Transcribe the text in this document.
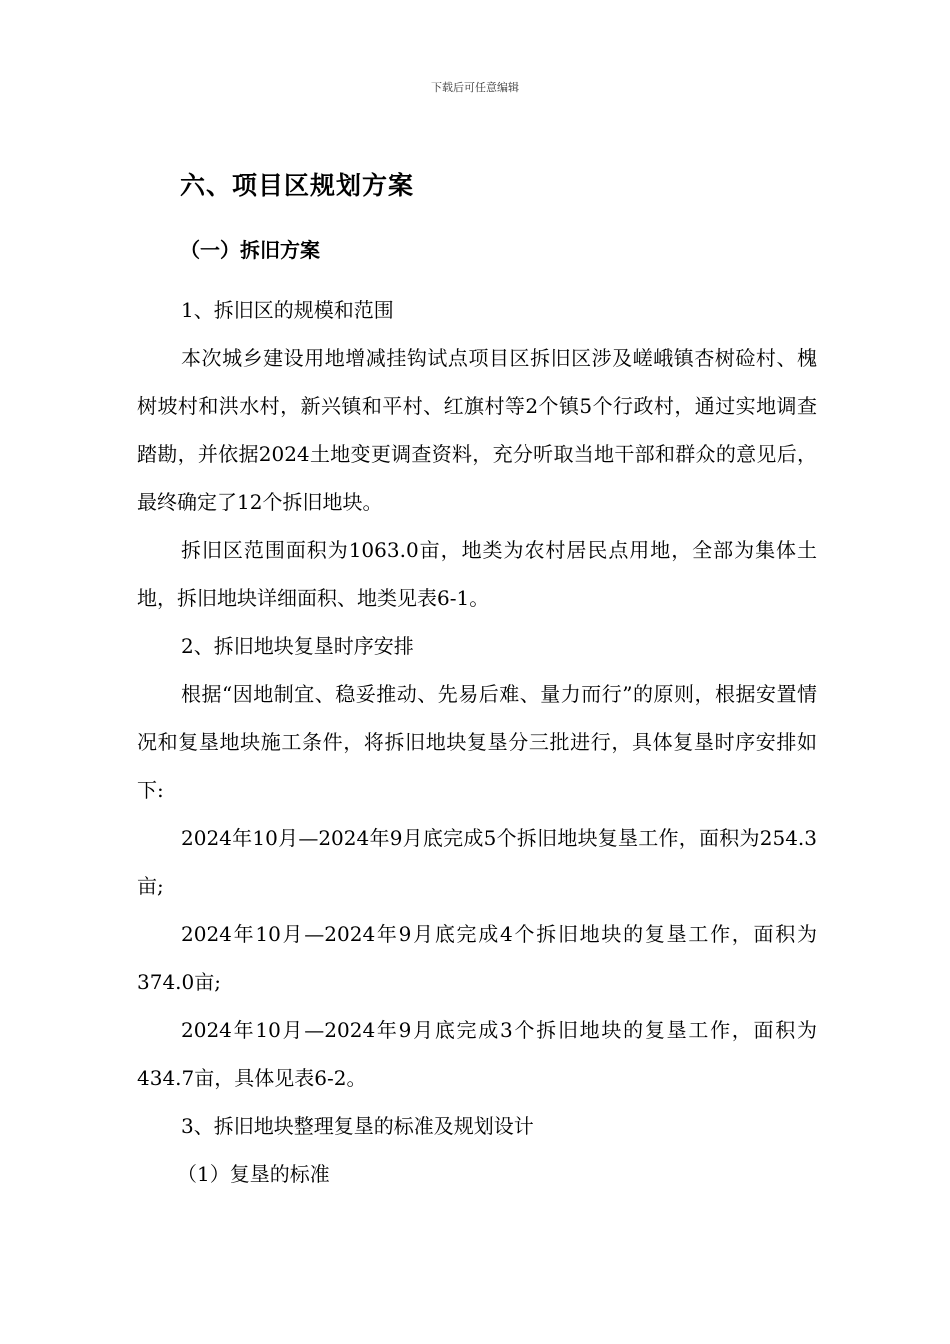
下载后可任意编辑
六、项目区规划方案
（一）拆旧方案

1、拆旧区的规模和范围

本次城乡建设用地增减挂钩试点项目区拆旧区涉及嵯峨镇杏树硷村、槐树坡村和洪水村，新兴镇和平村、红旗村等2个镇5个行政村，通过实地调查踏勘，并依据2024土地变更调查资料，充分听取当地干部和群众的意见后，最终确定了12个拆旧地块。

拆旧区范围面积为1063.0亩，地类为农村居民点用地，全部为集体土地，拆旧地块详细面积、地类见表6-1。

2、拆旧地块复垦时序安排

根据“因地制宜、稳妥推动、先易后难、量力而行”的原则，根据安置情况和复垦地块施工条件，将拆旧地块复垦分三批进行，具体复垦时序安排如下:

2024年10月—2024年9月底完成5个拆旧地块复垦工作，面积为254.3亩;

2024年10月—2024年9月底完成4个拆旧地块的复垦工作，面积为374.0亩;

2024年10月—2024年9月底完成3个拆旧地块的复垦工作，面积为434.7亩，具体见表6-2。

3、拆旧地块整理复垦的标准及规划设计

（1）复垦的标准
